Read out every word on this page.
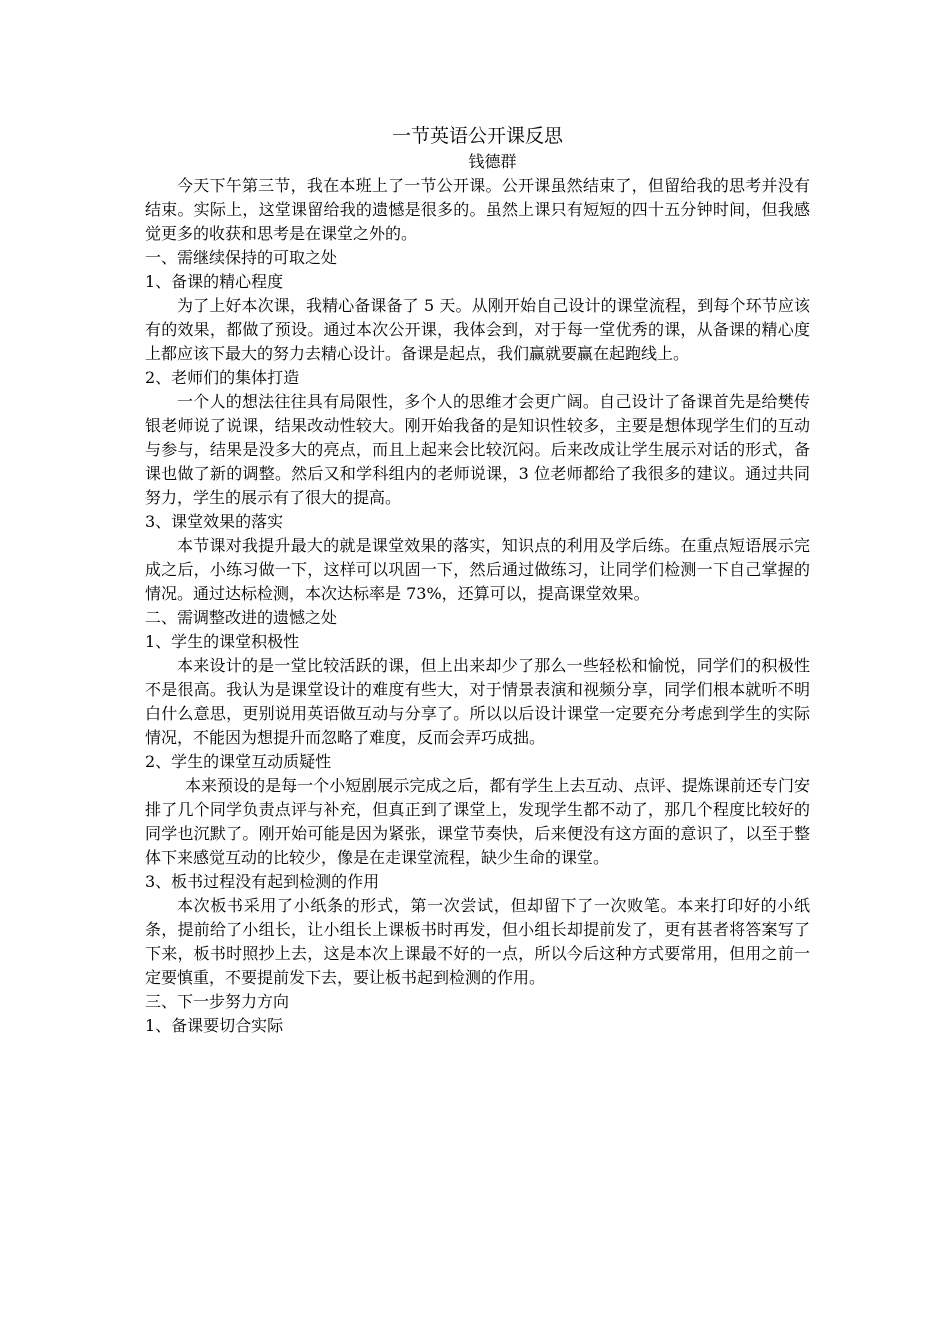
一节英语公开课反思

钱德群

今天下午第三节，我在本班上了一节公开课。公开课虽然结束了，但留给我的思考并没有结束。实际上，这堂课留给我的遗憾是很多的。虽然上课只有短短的四十五分钟时间，但我感觉更多的收获和思考是在课堂之外的。

一、需继续保持的可取之处

1、备课的精心程度

为了上好本次课，我精心备课备了 5 天。从刚开始自己设计的课堂流程，到每个环节应该有的效果，都做了预设。通过本次公开课，我体会到，对于每一堂优秀的课，从备课的精心度上都应该下最大的努力去精心设计。备课是起点，我们赢就要赢在起跑线上。

2、老师们的集体打造

一个人的想法往往具有局限性，多个人的思维才会更广阔。自己设计了备课首先是给樊传银老师说了说课，结果改动性较大。刚开始我备的是知识性较多，主要是想体现学生们的互动与参与，结果是没多大的亮点，而且上起来会比较沉闷。后来改成让学生展示对话的形式，备课也做了新的调整。然后又和学科组内的老师说课，3 位老师都给了我很多的建议。通过共同努力，学生的展示有了很大的提高。

3、课堂效果的落实

本节课对我提升最大的就是课堂效果的落实，知识点的利用及学后练。在重点短语展示完成之后，小练习做一下，这样可以巩固一下，然后通过做练习，让同学们检测一下自己掌握的情况。通过达标检测，本次达标率是 73%，还算可以，提高课堂效果。

二、需调整改进的遗憾之处

1、学生的课堂积极性

本来设计的是一堂比较活跃的课，但上出来却少了那么一些轻松和愉悦，同学们的积极性不是很高。我认为是课堂设计的难度有些大，对于情景表演和视频分享，同学们根本就听不明白什么意思，更别说用英语做互动与分享了。所以以后设计课堂一定要充分考虑到学生的实际情况，不能因为想提升而忽略了难度，反而会弄巧成拙。

2、学生的课堂互动质疑性

本来预设的是每一个小短剧展示完成之后，都有学生上去互动、点评、提炼课前还专门安排了几个同学负责点评与补充，但真正到了课堂上，发现学生都不动了，那几个程度比较好的同学也沉默了。刚开始可能是因为紧张，课堂节奏快，后来便没有这方面的意识了，以至于整体下来感觉互动的比较少，像是在走课堂流程，缺少生命的课堂。

3、板书过程没有起到检测的作用

本次板书采用了小纸条的形式，第一次尝试，但却留下了一次败笔。本来打印好的小纸条，提前给了小组长，让小组长上课板书时再发，但小组长却提前发了，更有甚者将答案写了下来，板书时照抄上去，这是本次上课最不好的一点，所以今后这种方式要常用，但用之前一定要慎重，不要提前发下去，要让板书起到检测的作用。

三、下一步努力方向

1、备课要切合实际
